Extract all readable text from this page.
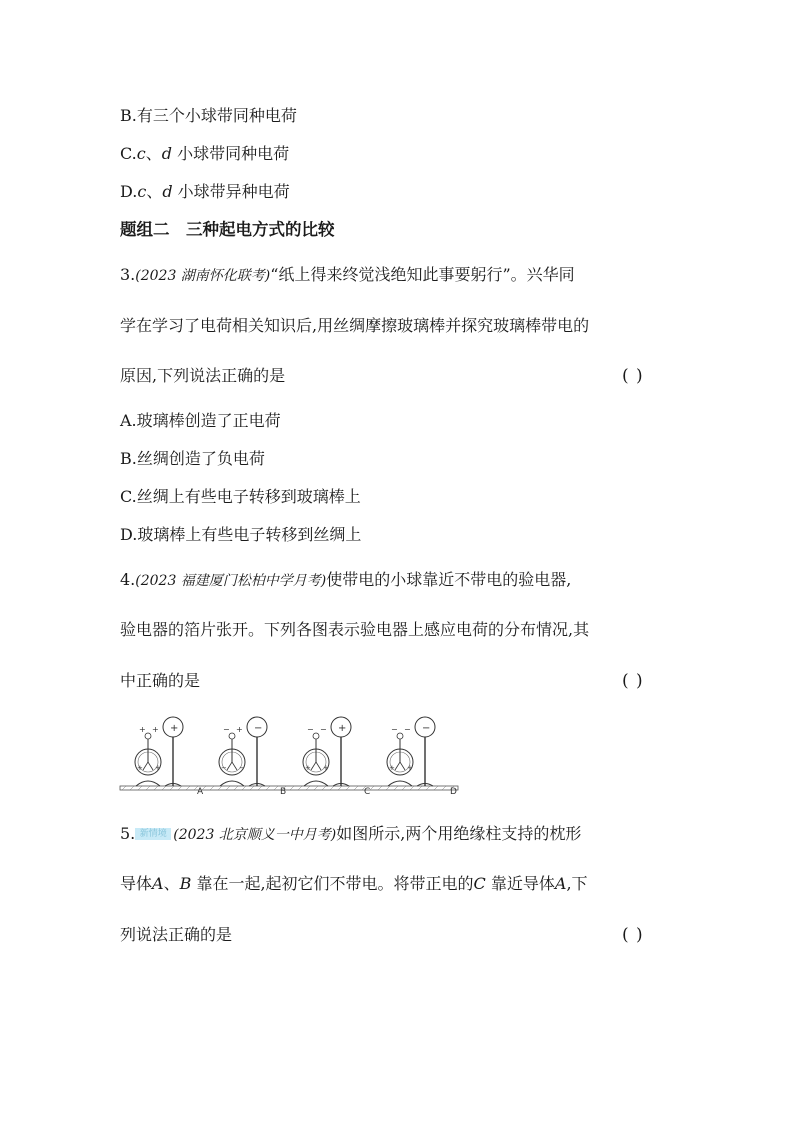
B.有三个小球带同种电荷
C.c、d 小球带同种电荷
D.c、d 小球带异种电荷
题组二　三种起电方式的比较
3.(2023 湖南怀化联考)“纸上得来终觉浅绝知此事要躬行”。兴华同
学在学习了电荷相关知识后,用丝绸摩擦玻璃棒并探究玻璃棒带电的
原因,下列说法正确的是	( )
A.玻璃棒创造了正电荷
B.丝绸创造了负电荷
C.丝绸上有些电子转移到玻璃棒上
D.玻璃棒上有些电子转移到丝绸上
4.(2023 福建厦门松柏中学月考)使带电的小球靠近不带电的验电器,
验电器的箔片张开。下列各图表示验电器上感应电荷的分布情况,其
中正确的是	( )
+ +
+ +
+
A
− +
− −
−
B
− −
+ +
+
C
− −
+ +
−
D
5. 新情境 (2023 北京顺义一中月考)如图所示,两个用绝缘柱支持的枕形
导体A、B 靠在一起,起初它们不带电。将带正电的C 靠近导体A,下
列说法正确的是	( )
